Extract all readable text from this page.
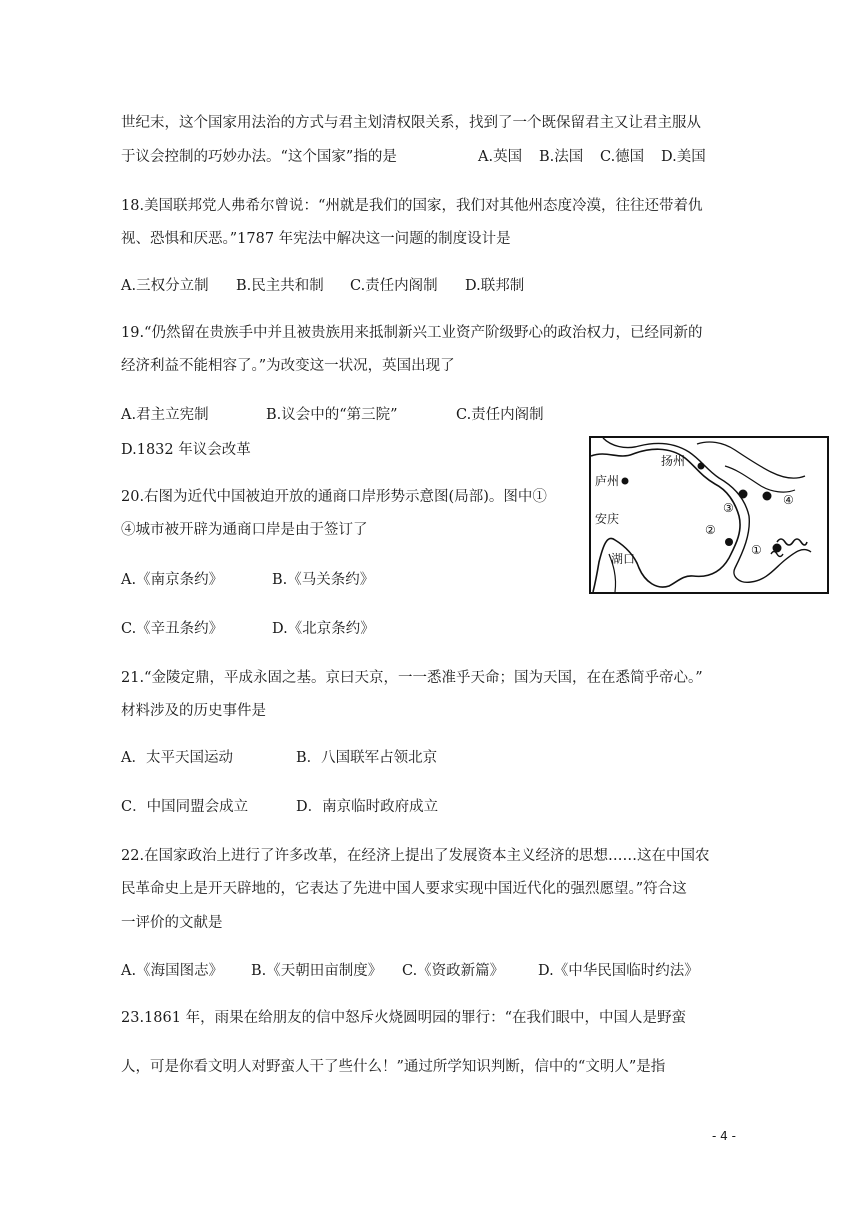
世纪末，这个国家用法治的方式与君主划清权限关系，找到了一个既保留君主又让君主服从
于议会控制的巧妙办法。“这个国家”指的是	A.英国 B.法国 C.德国 D.美国
18.美国联邦党人弗希尔曾说：“州就是我们的国家，我们对其他州态度冷漠，往往还带着仇
视、恐惧和厌恶。”1787 年宪法中解决这一问题的制度设计是
A.三权分立制 B.民主共和制 C.责任内阁制 D.联邦制
19.“仍然留在贵族手中并且被贵族用来抵制新兴工业资产阶级野心的政治权力，已经同新的
经济利益不能相容了。”为改变这一状况，英国出现了
A.君主立宪制	B.议会中的“第三院”	C.责任内阁制
D.1832 年议会改革
20.右图为近代中国被迫开放的通商口岸形势示意图(局部)。图中①
④城市被开辟为通商口岸是由于签订了
A.《南京条约》	B.《马关条约》
C.《辛丑条约》	D.《北京条约》
扬州
庐州
安庆
湖口
③
④
②
①
21.“金陵定鼎，平成永固之基。京曰天京，一一悉准乎天命；国为天国，在在悉简乎帝心。”
材料涉及的历史事件是
A．太平天国运动	B．八国联军占领北京
C．中国同盟会成立	D．南京临时政府成立
22.在国家政治上进行了许多改革，在经济上提出了发展资本主义经济的思想……这在中国农
民革命史上是开天辟地的，它表达了先进中国人要求实现中国近代化的强烈愿望。”符合这
一评价的文献是
A.《海国图志》 B.《天朝田亩制度》 C.《资政新篇》 D.《中华民国临时约法》
23.1861 年，雨果在给朋友的信中怒斥火烧圆明园的罪行：“在我们眼中，中国人是野蛮
人，可是你看文明人对野蛮人干了些什么！”通过所学知识判断，信中的“文明人”是指
- 4 -
